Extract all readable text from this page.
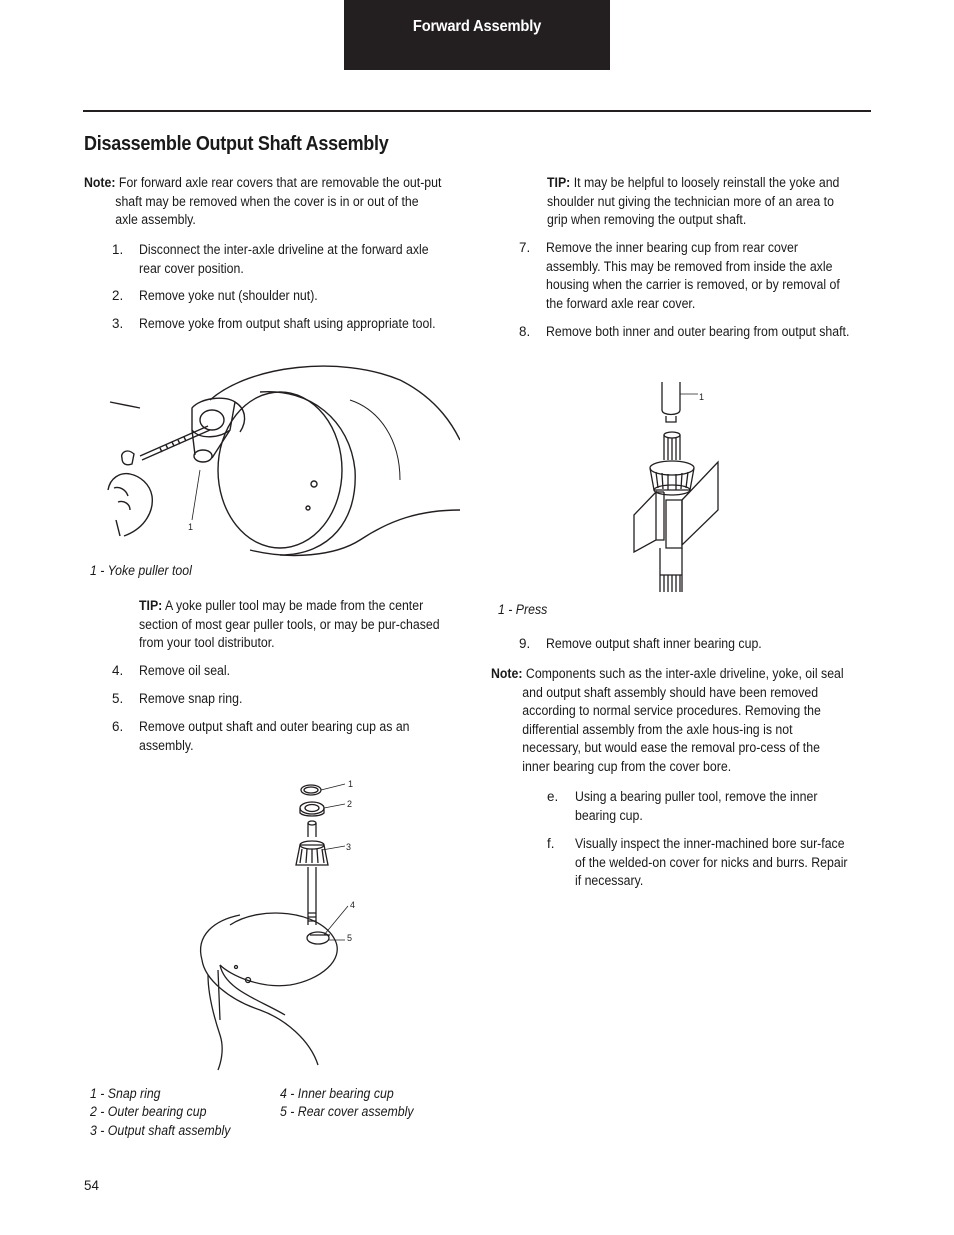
Forward Assembly
Disassemble Output Shaft Assembly
Note: For forward axle rear covers that are removable the out-put shaft may be removed when the cover is in or out of the axle assembly.
1. Disconnect the inter-axle driveline at the forward axle rear cover position.
2. Remove yoke nut (shoulder nut).
3. Remove yoke from output shaft using appropriate tool.
1
1 - Yoke puller tool
TIP: A yoke puller tool may be made from the center section of most gear puller tools, or may be pur-chased from your tool distributor.
4. Remove oil seal.
5. Remove snap ring.
6. Remove output shaft and outer bearing cup as an assembly.
1
2
3
4
5
1 - Snap ring
2 - Outer bearing cup
3 - Output shaft assembly
4 - Inner bearing cup
5 - Rear cover assembly
TIP: It may be helpful to loosely reinstall the yoke and shoulder nut giving the technician more of an area to grip when removing the output shaft.
7. Remove the inner bearing cup from rear cover assembly. This may be removed from inside the axle housing when the carrier is removed, or by removal of the forward axle rear cover.
8. Remove both inner and outer bearing from output shaft.
1
1 - Press
9. Remove output shaft inner bearing cup.
Note: Components such as the inter-axle driveline, yoke, oil seal and output shaft assembly should have been removed according to normal service procedures. Removing the differential assembly from the axle hous-ing is not necessary, but would ease the removal pro-cess of the inner bearing cup from the cover bore.
e. Using a bearing puller tool, remove the inner bearing cup.
f. Visually inspect the inner-machined bore sur-face of the welded-on cover for nicks and burrs. Repair if necessary.
54
